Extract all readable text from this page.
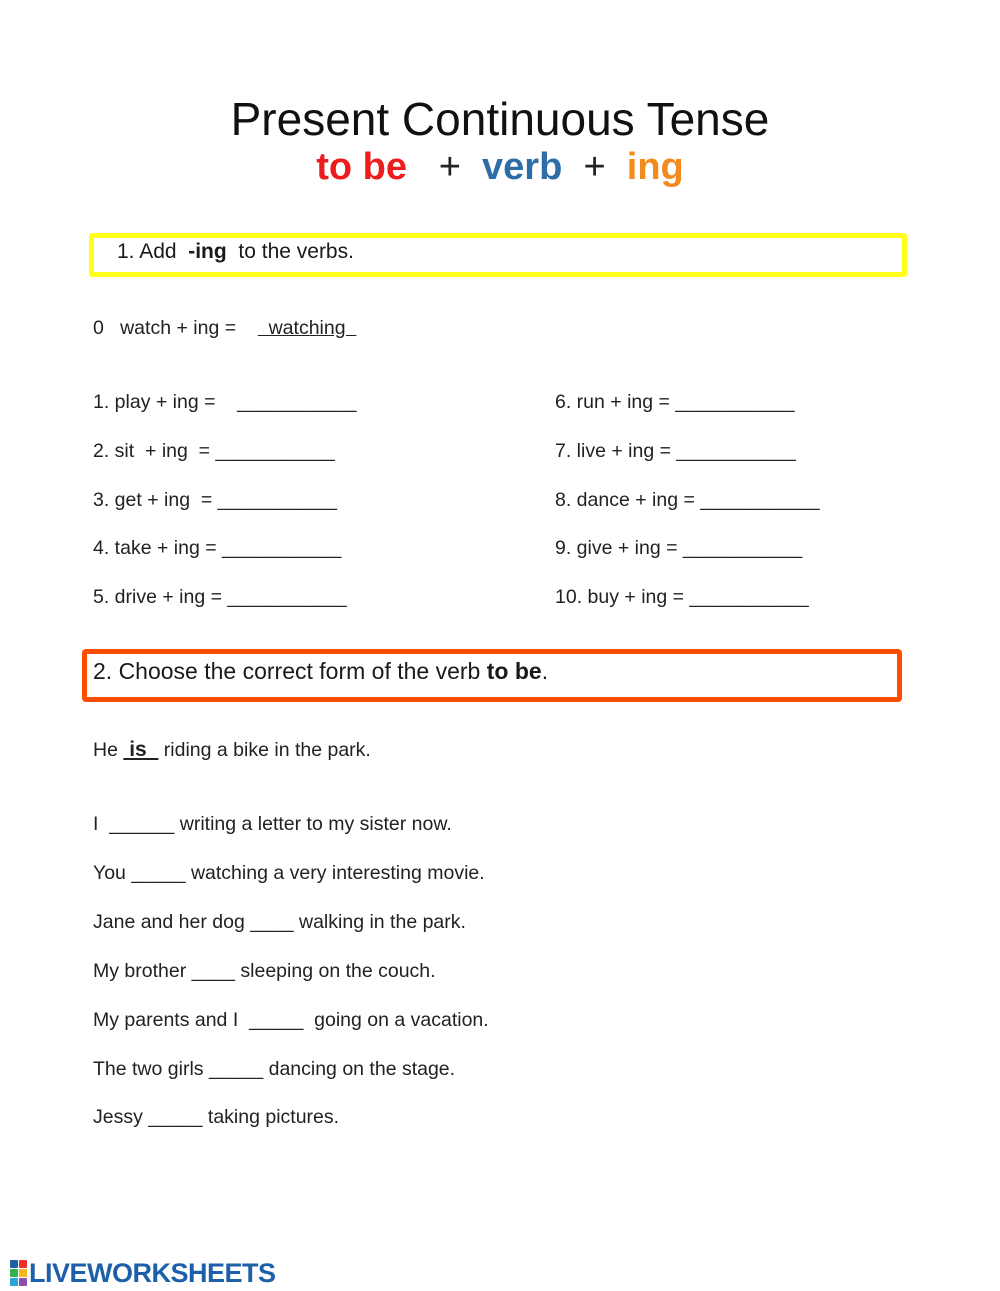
Present Continuous Tense
to be + verb + ing
1. Add  -ing  to the verbs.
0   watch + ing =      watching
1. play + ing =    ___________
2. sit  + ing  = ___________
3. get + ing  = ___________
4. take + ing = ___________
5. drive + ing = ___________
6. run + ing = ___________
7. live + ing = ___________
8. dance + ing = ___________
9. give + ing = ___________
10. buy + ing = ___________
2. Choose the correct form of the verb to be.
He  is   riding a bike in the park.
I  ______ writing a letter to my sister now.
You _____ watching a very interesting movie.
Jane and her dog ____ walking in the park.
My brother ____ sleeping on the couch.
My parents and I  _____  going on a vacation.
The two girls _____ dancing on the stage.
Jessy _____ taking pictures.
LIVEWORKSHEETS
